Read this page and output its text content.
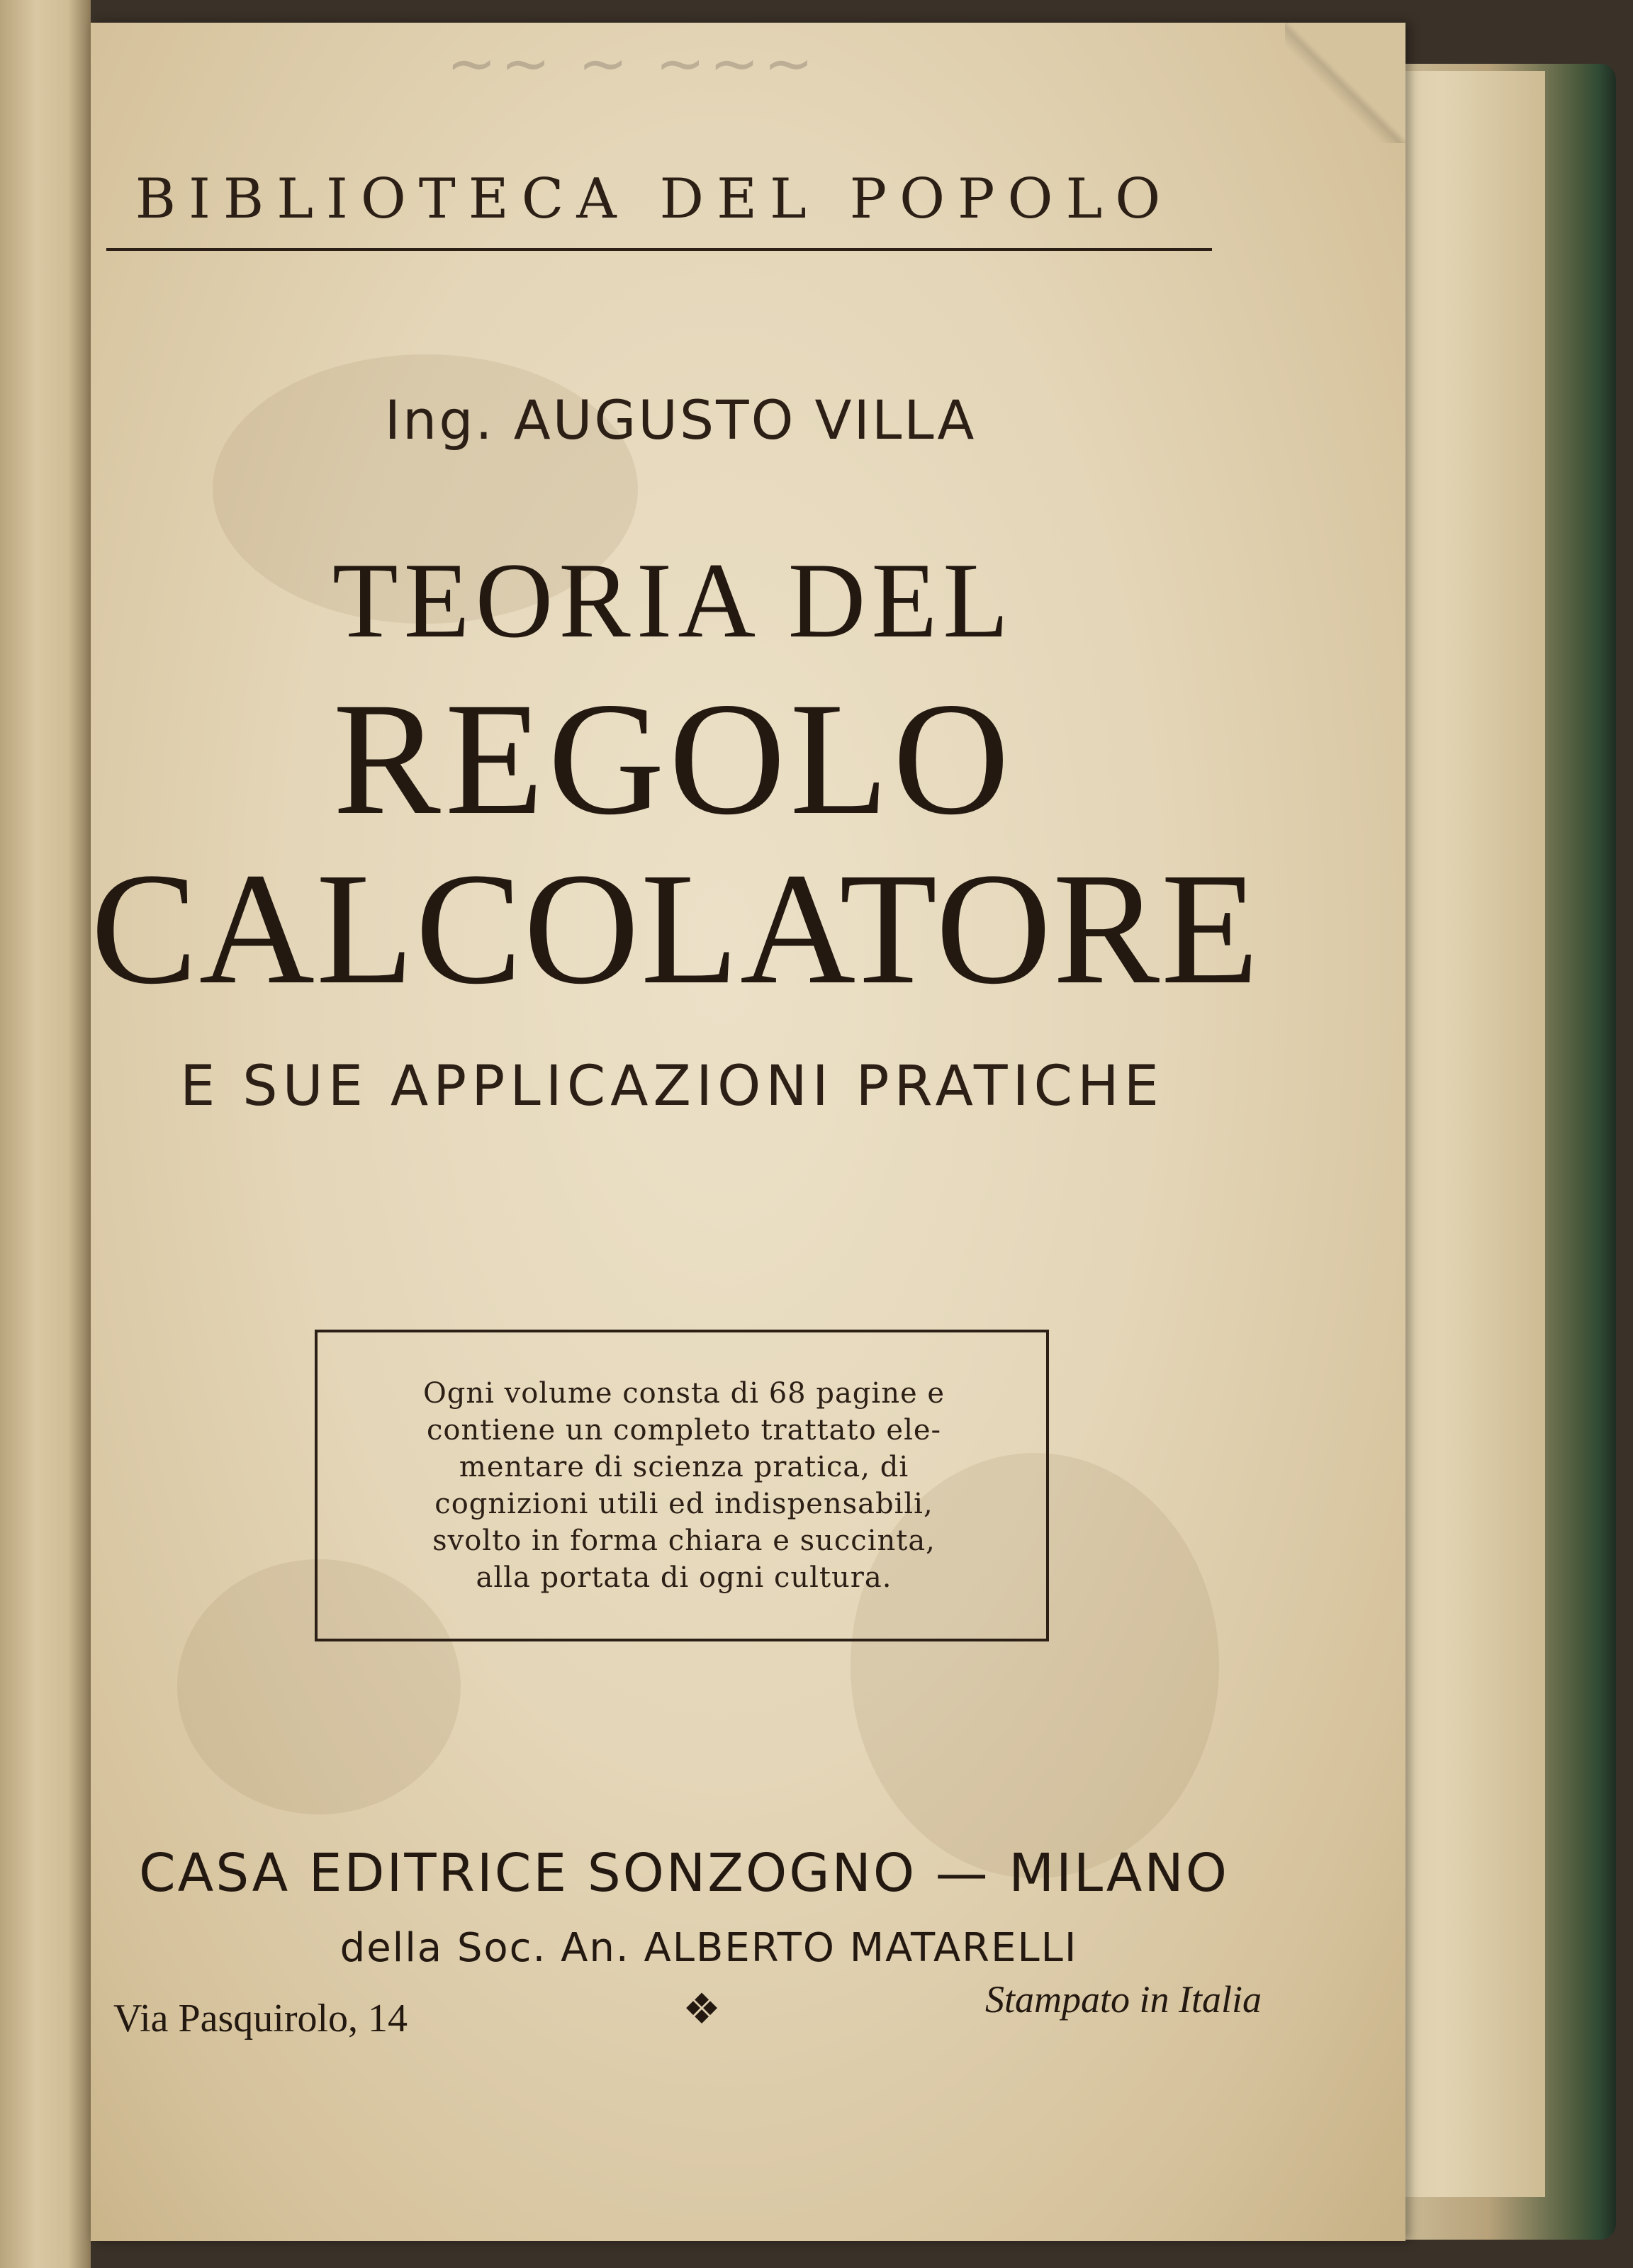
~~ ~ ~~~
BIBLIOTECA DEL POPOLO
Ing. AUGUSTO VILLA
TEORIA DEL
REGOLO
CALCOLATORE
E SUE APPLICAZIONI PRATICHE
Ogni volume consta di 68 pagine e
contiene un completo trattato ele-
mentare di scienza pratica, di
cognizioni utili ed indispensabili,
svolto in forma chiara e succinta,
alla portata di ogni cultura.
CASA EDITRICE SONZOGNO — MILANO
della Soc. An. ALBERTO MATARELLI
Via Pasquirolo, 14	❖	Stampato in Italia
